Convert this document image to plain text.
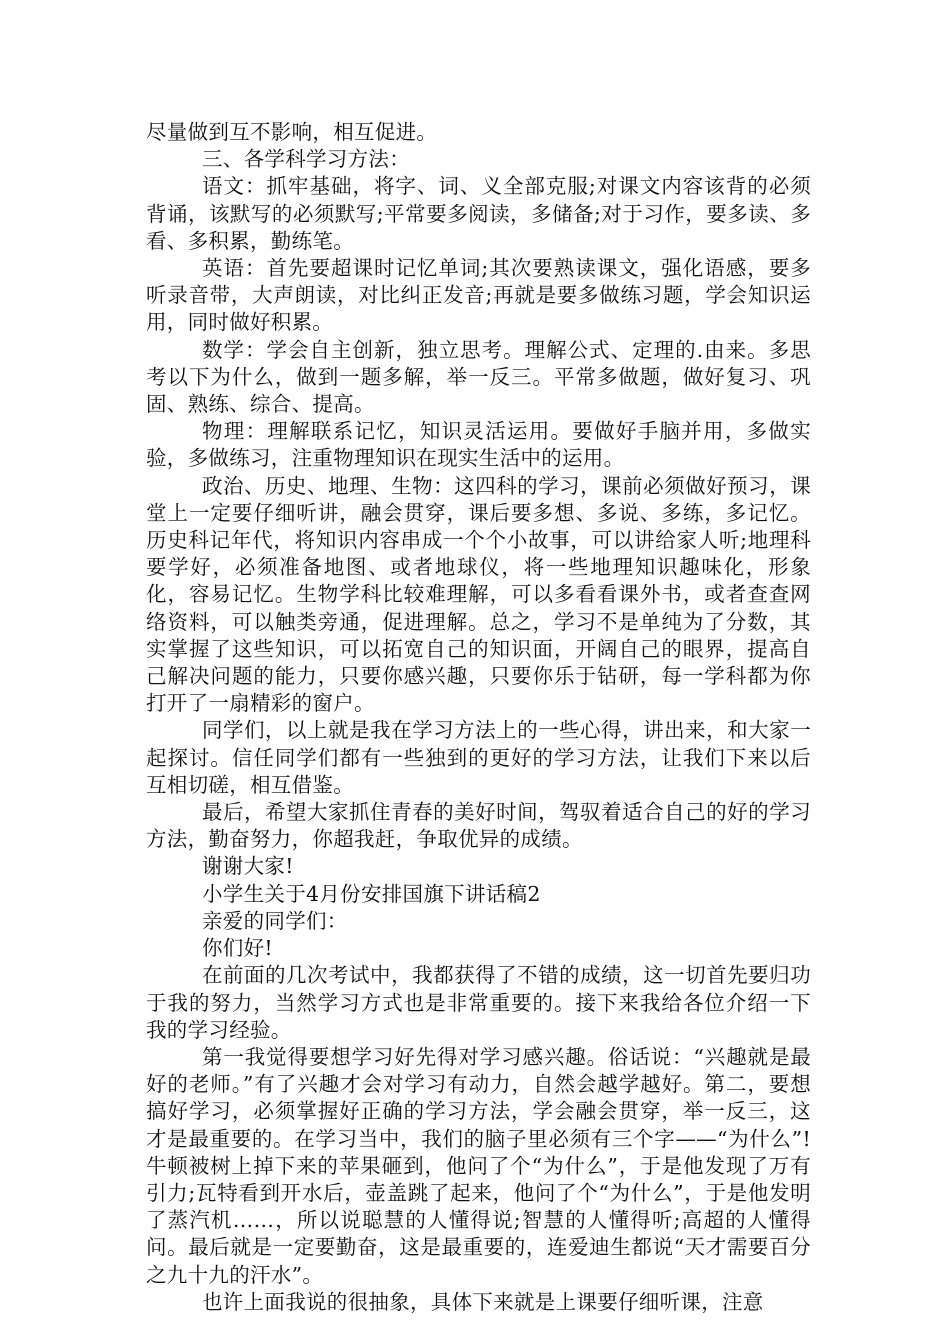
尽量做到互不影响，相互促进。

三、各学科学习方法：

语文：抓牢基础，将字、词、义全部克服;对课文内容该背的必须背诵，该默写的必须默写;平常要多阅读，多储备;对于习作，要多读、多看、多积累，勤练笔。

英语：首先要超课时记忆单词;其次要熟读课文，强化语感，要多听录音带，大声朗读，对比纠正发音;再就是要多做练习题，学会知识运用，同时做好积累。

数学：学会自主创新，独立思考。理解公式、定理的.由来。多思考以下为什么，做到一题多解，举一反三。平常多做题，做好复习、巩固、熟练、综合、提高。

物理：理解联系记忆，知识灵活运用。要做好手脑并用，多做实验，多做练习，注重物理知识在现实生活中的运用。

政治、历史、地理、生物：这四科的学习，课前必须做好预习，课堂上一定要仔细听讲，融会贯穿，课后要多想、多说、多练，多记忆。历史科记年代，将知识内容串成一个个小故事，可以讲给家人听;地理科要学好，必须准备地图、或者地球仪，将一些地理知识趣味化，形象化，容易记忆。生物学科比较难理解，可以多看看课外书，或者查查网络资料，可以触类旁通，促进理解。总之，学习不是单纯为了分数，其实掌握了这些知识，可以拓宽自己的知识面，开阔自己的眼界，提高自己解决问题的能力，只要你感兴趣，只要你乐于钻研，每一学科都为你打开了一扇精彩的窗户。

同学们，以上就是我在学习方法上的一些心得，讲出来，和大家一起探讨。信任同学们都有一些独到的更好的学习方法，让我们下来以后互相切磋，相互借鉴。

最后，希望大家抓住青春的美好时间，驾驭着适合自己的好的学习方法，勤奋努力，你超我赶，争取优异的成绩。

谢谢大家!

小学生关于4月份安排国旗下讲话稿2

亲爱的同学们：

你们好!

在前面的几次考试中，我都获得了不错的成绩，这一切首先要归功于我的努力，当然学习方式也是非常重要的。接下来我给各位介绍一下我的学习经验。

第一我觉得要想学习好先得对学习感兴趣。俗话说：“兴趣就是最好的老师。”有了兴趣才会对学习有动力，自然会越学越好。第二，要想搞好学习，必须掌握好正确的学习方法，学会融会贯穿，举一反三，这才是最重要的。在学习当中，我们的脑子里必须有三个字——“为什么”!牛顿被树上掉下来的苹果砸到，他问了个“为什么”，于是他发现了万有引力;瓦特看到开水后，壶盖跳了起来，他问了个“为什么”，于是他发明了蒸汽机……，所以说聪慧的人懂得说;智慧的人懂得听;高超的人懂得问。最后就是一定要勤奋，这是最重要的，连爱迪生都说“天才需要百分之九十九的汗水”。

也许上面我说的很抽象，具体下来就是上课要仔细听课，注意
